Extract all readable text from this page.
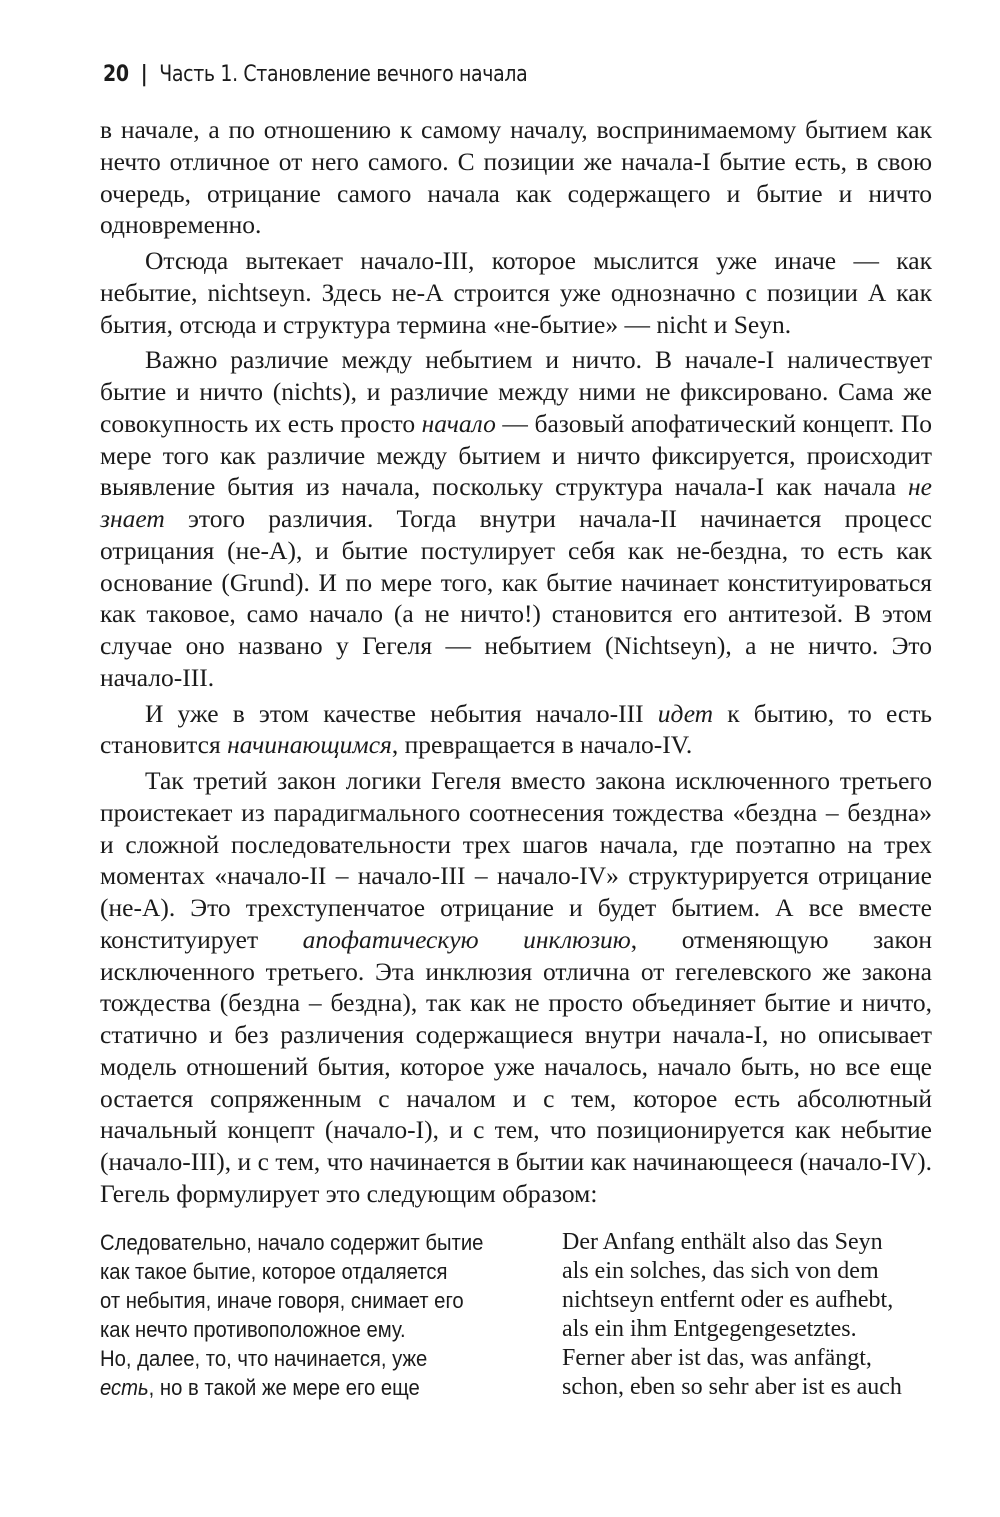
20 | Часть 1. Становление вечного начала

в начале, а по отношению к самому началу, воспринимаемому бытием как нечто отличное от него самого. С позиции же начала-I бытие есть, в свою очередь, отрицание самого начала как содержащего и бытие и ничто одновременно.

Отсюда вытекает начало-III, которое мыслится уже иначе — как небытие, nichtseyn. Здесь не-А строится уже однозначно с позиции А как бытия, отсюда и структура термина «не-бытие» — nicht и Seyn.

Важно различие между небытием и ничто. В начале-I наличествует бытие и ничто (nichts), и различие между ними не фиксировано. Сама же совокупность их есть просто начало — базовый апофатический концепт. По мере того как различие между бытием и ничто фиксируется, происходит выявление бытия из начала, поскольку структура начала-I как начала не знает этого различия. Тогда внутри начала-II начинается процесс отрицания (не-А), и бытие постулирует себя как не-бездна, то есть как основание (Grund). И по мере того, как бытие начинает конституироваться как таковое, само начало (а не ничто!) становится его антитезой. В этом случае оно названо у Гегеля — небытием (Nichtseyn), а не ничто. Это начало-III.

И уже в этом качестве небытия начало-III идет к бытию, то есть становится начинающимся, превращается в начало-IV.

Так третий закон логики Гегеля вместо закона исключенного третьего проистекает из парадигмального соотнесения тождества «бездна – бездна» и сложной последовательности трех шагов начала, где поэтапно на трех моментах «начало-II – начало-III – начало-IV» структурируется отрицание (не-А). Это трехступенчатое отрицание и будет бытием. А все вместе конституирует апофатическую инклюзию, отменяющую закон исключенного третьего. Эта инклюзия отлична от гегелевского же закона тождества (бездна – бездна), так как не просто объединяет бытие и ничто, статично и без различения содержащиеся внутри начала-I, но описывает модель отношений бытия, которое уже началось, начало быть, но все еще остается сопряженным с началом и с тем, которое есть абсолютный начальный концепт (начало-I), и с тем, что позиционируется как небытие (начало-III), и с тем, что начинается в бытии как начинающееся (начало-IV). Гегель формулирует это следующим образом:

Следовательно, начало содержит бытие
как такое бытие, которое отдаляется
от небытия, иначе говоря, снимает его
как нечто противоположное ему.
Но, далее, то, что начинается, уже
есть, но в такой же мере его еще
Der Anfang enthält also das Seyn
als ein solches, das sich von dem
nichtseyn entfernt oder es aufhebt,
als ein ihm Entgegengesetztes.
Ferner aber ist das, was anfängt,
schon, eben so sehr aber ist es auch
